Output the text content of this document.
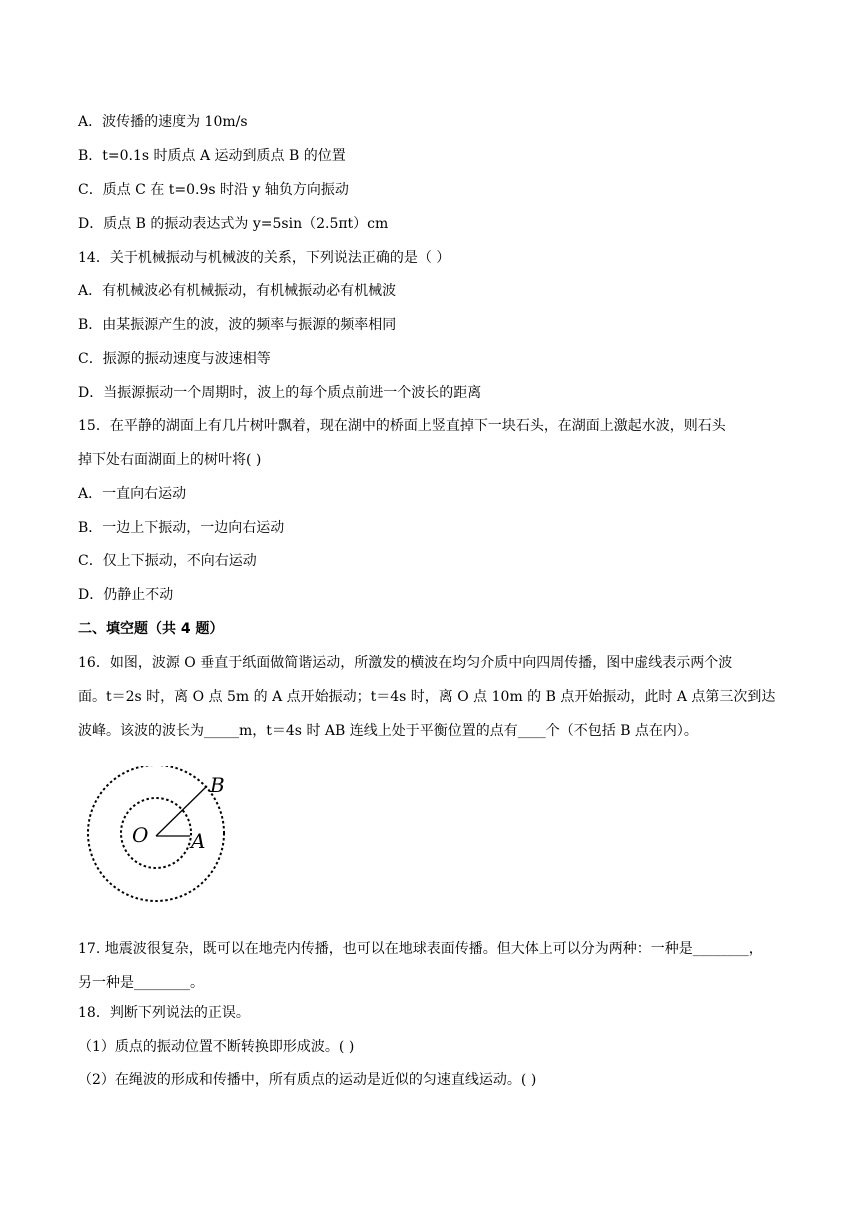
A．波传播的速度为 10m/s
B．t=0.1s 时质点 A 运动到质点 B 的位置
C．质点 C 在 t=0.9s 时沿 y 轴负方向振动
D．质点 B 的振动表达式为 y=5sin（2.5πt）cm
14．关于机械振动与机械波的关系，下列说法正确的是（ ）
A．有机械波必有机械振动，有机械振动必有机械波
B．由某振源产生的波，波的频率与振源的频率相同
C．振源的振动速度与波速相等
D．当振源振动一个周期时，波上的每个质点前进一个波长的距离
15．在平静的湖面上有几片树叶飘着，现在湖中的桥面上竖直掉下一块石头，在湖面上激起水波，则石头
掉下处右面湖面上的树叶将( )
A．一直向右运动
B．一边上下振动，一边向右运动
C．仅上下振动，不向右运动
D．仍静止不动
二、填空题（共 4 题）
16．如图，波源 O 垂直于纸面做简谐运动，所激发的横波在均匀介质中向四周传播，图中虚线表示两个波
面。t＝2s 时，离 O 点 5m 的 A 点开始振动；t＝4s 时，离 O 点 10m 的 B 点开始振动，此时 A 点第三次到达
波峰。该波的波长为_____m，t＝4s 时 AB 连线上处于平衡位置的点有____个（不包括 B 点在内）。
O A
B
17. 地震波很复杂，既可以在地壳内传播，也可以在地球表面传播。但大体上可以分为两种：一种是________，
另一种是________。
18．判断下列说法的正误。
（1）质点的振动位置不断转换即形成波。( )
（2）在绳波的形成和传播中，所有质点的运动是近似的匀速直线运动。( )
